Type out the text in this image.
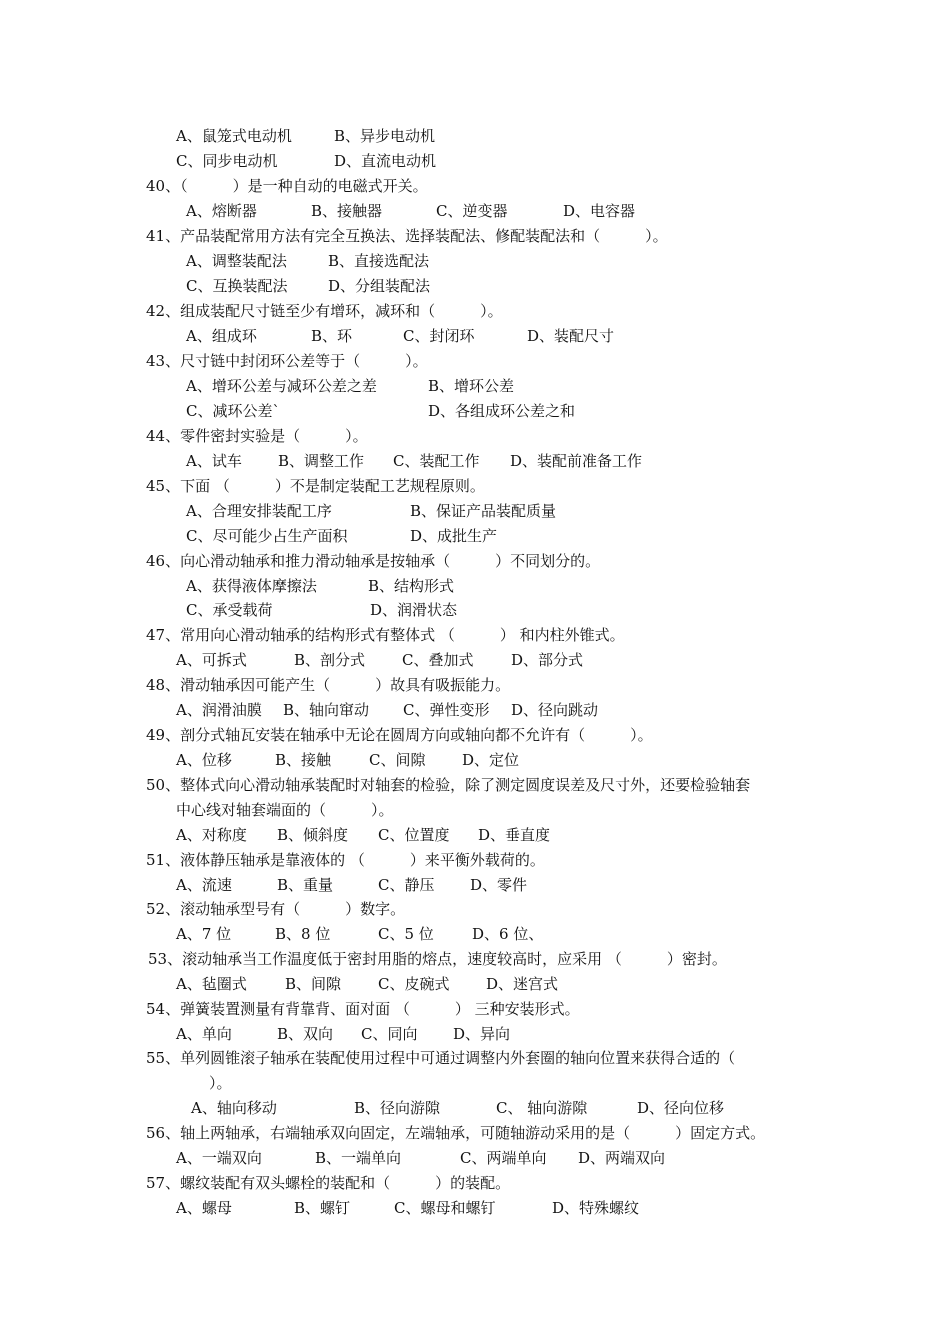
A、鼠笼式电动机	B、异步电动机
C、同步电动机	D、直流电动机
40、（　　　）是一种自动的电磁式开关。
A、熔断器	B、接触器	C、逆变器	D、电容器
41、产品装配常用方法有完全互换法、选择装配法、修配装配法和（　　　）。
A、调整装配法	B、直接选配法
C、互换装配法	D、分组装配法
42、组成装配尺寸链至少有增环，减环和（　　　）。
A、组成环	B、环	C、封闭环	D、装配尺寸
43、尺寸链中封闭环公差等于（　　　）。
A、增环公差与减环公差之差	B、增环公差
C、减环公差`	D、各组成环公差之和
44、零件密封实验是（　　　）。
A、试车 B、调整工作 C、装配工作 D、装配前准备工作
45、下面 （　　　）不是制定装配工艺规程原则。
A、合理安排装配工序	B、保证产品装配质量
C、尽可能少占生产面积	D、成批生产
46、向心滑动轴承和推力滑动轴承是按轴承（　　　）不同划分的。
A、获得液体摩擦法	B、结构形式
C、承受载荷	D、润滑状态
47、常用向心滑动轴承的结构形式有整体式 （　　　） 和内柱外锥式。
A、可拆式	B、剖分式 C、叠加式	D、部分式
48、滑动轴承因可能产生（　　　）故具有吸振能力。
A、润滑油膜 B、轴向窜动 C、弹性变形 D、径向跳动
49、剖分式轴瓦安装在轴承中无论在圆周方向或轴向都不允许有（　　　）。
A、位移	B、接触	C、间隙 D、定位
50、整体式向心滑动轴承装配时对轴套的检验，除了测定圆度误差及尺寸外，还要检验轴套
中心线对轴套端面的（　　　）。
A、对称度 B、倾斜度 C、位置度 D、垂直度
51、液体静压轴承是靠液体的 （　　　）来平衡外载荷的。
A、流速	B、重量	C、静压 D、零件
52、滚动轴承型号有（　　　）数字。
A、7 位	B、8 位	C、5 位	D、6 位、
53、滚动轴承当工作温度低于密封用脂的熔点，速度较高时，应采用 （　　　）密封。
A、毡圈式	B、间隙 C、皮碗式 D、迷宫式
54、弹簧装置测量有背靠背、面对面 （　　　） 三种安装形式。
A、单向	B、双向 C、同向 D、异向
55、单列圆锥滚子轴承在装配使用过程中可通过调整内外套圈的轴向位置来获得合适的（
　）。
A、轴向移动	B、径向游隙	C、 轴向游隙	D、径向位移
56、轴上两轴承，右端轴承双向固定，左端轴承，可随轴游动采用的是（　　　）固定方式。
A、一端双向	B、一端单向	C、两端单向 D、两端双向
57、螺纹装配有双头螺栓的装配和（　　　）的装配。
A、螺母	B、螺钉	C、螺母和螺钉	D、特殊螺纹
